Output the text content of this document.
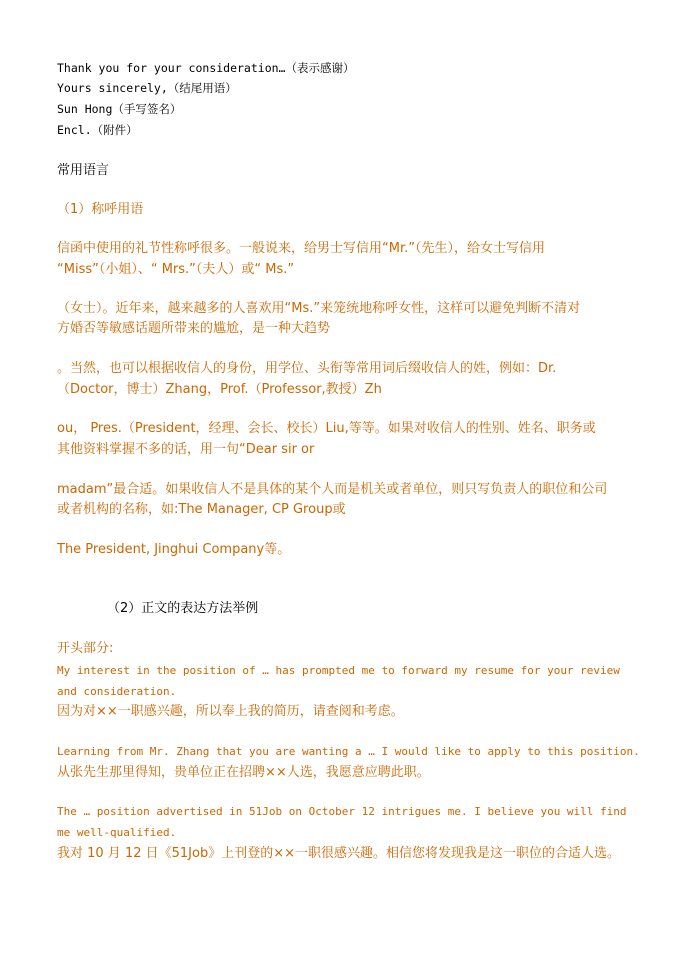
Thank you for your consideration…（表示感谢）
Yours sincerely,（结尾用语）
Sun Hong（手写签名）
Encl.（附件）
常用语言
（1）称呼用语
信函中使用的礼节性称呼很多。一般说来，给男士写信用“Mr.”（先生），给女士写信用
“Miss”（小姐）、“ Mrs.”（夫人）或“ Ms.”
（女士）。近年来，越来越多的人喜欢用“Ms.”来笼统地称呼女性，这样可以避免判断不清对
方婚否等敏感话题所带来的尴尬，是一种大趋势
。当然，也可以根据收信人的身份，用学位、头衔等常用词后缀收信人的姓，例如：Dr.
（Doctor，博士）Zhang，Prof.（Professor,教授）Zh
ou， Pres.（President，经理、会长、校长）Liu,等等。如果对收信人的性别、姓名、职务或
其他资料掌握不多的话，用一句“Dear sir or
madam”最合适。如果收信人不是具体的某个人而是机关或者单位，则只写负责人的职位和公司
或者机构的名称，如:The Manager, CP Group或
The President, Jinghui Company等。
（2）正文的表达方法举例
开头部分:
My interest in the position of … has prompted me to forward my resume for your review
and consideration.
因为对××一职感兴趣，所以奉上我的简历，请查阅和考虑。
Learning from Mr. Zhang that you are wanting a … I would like to apply to this position.
从张先生那里得知，贵单位正在招聘××人选，我愿意应聘此职。
The … position advertised in 51Job on October 12 intrigues me. I believe you will find
me well-qualified.
我对 10 月 12 日《51Job》上刊登的××一职很感兴趣。相信您将发现我是这一职位的合适人选。
